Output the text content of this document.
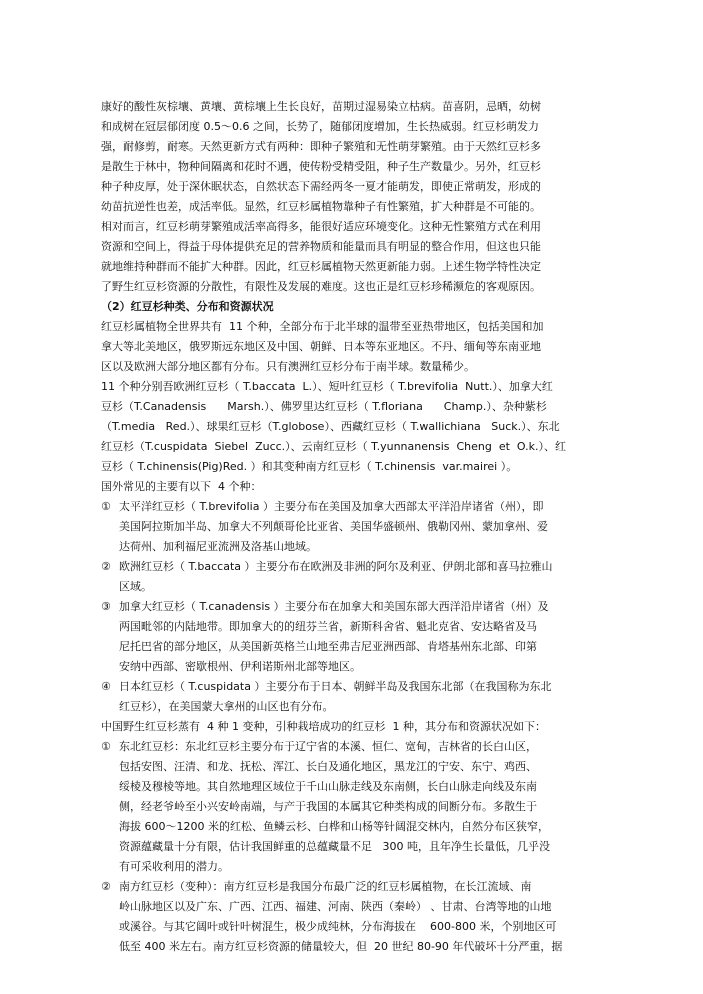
康好的酸性灰棕壤、黄壤、黄棕壤上生长良好，苗期过湿易染立枯病。苗喜阴，忌晒，幼树
和成树在冠层郁闭度 0.5～0.6 之间，长势了，随郁闭度增加，生长热威弱。红豆杉萌发力
强，耐修剪，耐寒。天然更新方式有两种：即种子繁殖和无性萌芽繁殖。由于天然红豆杉多
是散生于林中，物种间隔离和花时不遇，使传粉受精受阻，种子生产数量少。另外，红豆杉
种子种皮厚，处于深休眠状态，自然状态下需经两冬一夏才能萌发，即使正常萌发，形成的
幼苗抗逆性也差，成活率低。显然，红豆杉属植物靠种子有性繁殖，扩大种群是不可能的。
相对而言，红豆杉萌芽繁殖成活率高得多，能很好适应环境变化。这种无性繁殖方式在利用
资源和空间上，得益于母体提供充足的营养物质和能量而具有明显的整合作用，但这也只能
就地维持种群而不能扩大种群。因此，红豆杉属植物天然更新能力弱。上述生物学特性决定
了野生红豆杉资源的分散性，有限性及发展的难度。这也正是红豆杉珍稀濒危的客观原因。
（2）红豆杉种类、分布和资源状况
红豆杉属植物全世界共有  11 个种，全部分布于北半球的温带至亚热带地区，包括美国和加
拿大等北美地区，俄罗斯远东地区及中国、朝鲜、日本等东亚地区。不丹、缅甸等东南亚地
区以及欧洲大部分地区都有分布。只有澳洲红豆杉分布于南半球。数量稀少。
11 个种分别吾欧洲红豆杉（ T.baccata  L.）、短叶红豆杉（ T.brevifolia  Nutt.）、加拿大红
豆杉（T.Canadensis      Marsh.）、佛罗里达红豆杉（ T.floriana      Champ.）、杂种紫杉
（T.media   Red.）、球果红豆杉（T.globose）、西藏红豆杉（ T.wallichiana   Suck.）、东北
红豆杉（T.cuspidata  Siebel  Zucc.）、云南红豆杉（ T.yunnanensis  Cheng  et  O.k.）、红
豆杉（ T.chinensis(Pig)Red. ）和其变种南方红豆杉（ T.chinensis  var.mairei ）。
国外常见的主要有以下  4 个种：
① 太平洋红豆杉（ T.brevifolia ）主要分布在美国及加拿大西部太平洋沿岸诸省（州），即
美国阿拉斯加半岛、加拿大不列颠哥伦比亚省、美国华盛顿州、俄勒冈州、蒙加拿州、爱
达荷州、加利福尼亚流洲及洛基山地域。
② 欧洲红豆杉（ T.baccata ）主要分布在欧洲及非洲的阿尔及利亚、伊朗北部和喜马拉雅山
区域。
③ 加拿大红豆杉（ T.canadensis ）主要分布在加拿大和美国东部大西洋沿岸诸省（州）及
两国毗邻的内陆地带。即加拿大的的纽芬兰省，新斯科舍省、魁北克省、安达略省及马
尼托巴省的部分地区，从美国新英格兰山地至弗吉尼亚洲西部、肯塔基州东北部、印第
安纳中西部、密歇根州、伊利诺斯州北部等地区。
④ 日本红豆杉（ T.cuspidata ）主要分布于日本、朝鲜半岛及我国东北部（在我国称为东北
红豆杉），在美国蒙大拿州的山区也有分布。
中国野生红豆杉蒸有  4 种 1 变种，引种栽培成功的红豆杉  1 种，其分布和资源状况如下：
① 东北红豆杉：东北红豆杉主要分布于辽宁省的本溪、恒仁、宽甸，吉林省的长白山区，
包括安图、汪清、和龙、抚松、浑江、长白及通化地区，黑龙江的宁安、东宁、鸡西、
绥棱及穆棱等地。其自然地理区域位于千山山脉走线及东南侧，长白山脉走向线及东南
侧，经老爷岭至小兴安岭南端，与产于我国的本属其它种类构成的间断分布。多散生于
海拔 600～1200 米的红松、鱼鳞云杉、白桦和山杨等针阔混交林内，自然分布区狭窄，
资源蕴藏量十分有限，估计我国鲜重的总蕴藏量不足   300 吨，且年净生长量低，几乎没
有可采收利用的潜力。
② 南方红豆杉（变种）：南方红豆杉是我国分布最广泛的红豆杉属植物，在长江流域、南
岭山脉地区以及广东、广西、江西、福建、河南、陕西（秦岭） 、甘肃、台湾等地的山地
或溪谷。与其它阔叶或针叶树混生，极少成纯林，分布海拔在    600-800 米，个别地区可
低至 400 米左右。南方红豆杉资源的储量较大，但  20 世纪 80-90 年代破坏十分严重，据
